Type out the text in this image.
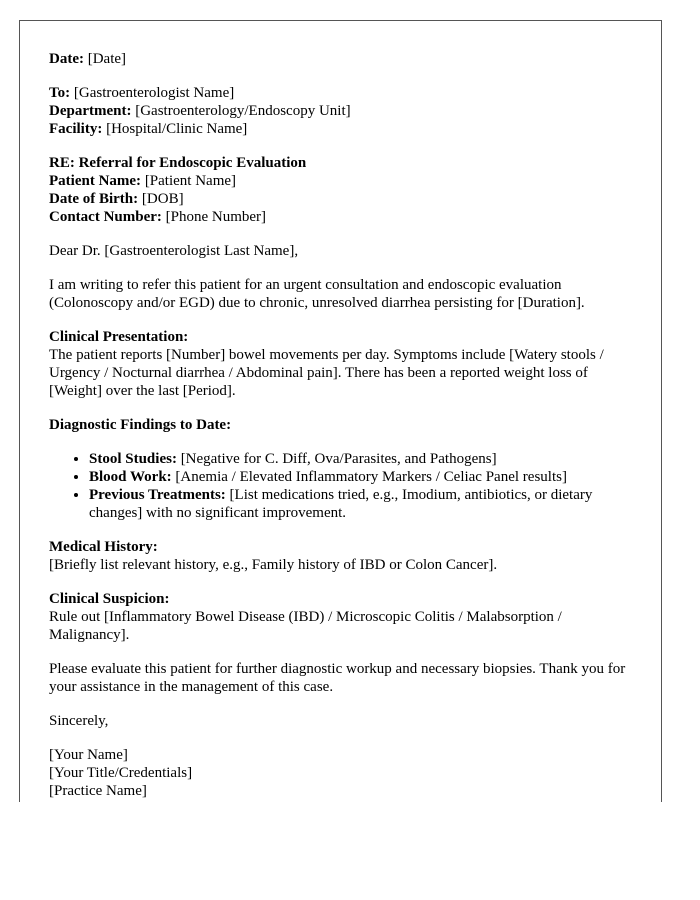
Date: [Date]

To: [Gastroenterologist Name]

Department: [Gastroenterology/Endoscopy Unit]

Facility: [Hospital/Clinic Name]

RE: Referral for Endoscopic Evaluation

Patient Name: [Patient Name]

Date of Birth: [DOB]

Contact Number: [Phone Number]

Dear Dr. [Gastroenterologist Last Name],

I am writing to refer this patient for an urgent consultation and endoscopic evaluation (Colonoscopy and/or EGD) due to chronic, unresolved diarrhea persisting for [Duration].

Clinical Presentation:

The patient reports [Number] bowel movements per day. Symptoms include [Watery stools / Urgency / Nocturnal diarrhea / Abdominal pain]. There has been a reported weight loss of [Weight] over the last [Period].

Diagnostic Findings to Date:

• Stool Studies: [Negative for C. Diff, Ova/Parasites, and Pathogens]
• Blood Work: [Anemia / Elevated Inflammatory Markers / Celiac Panel results]
• Previous Treatments: [List medications tried, e.g., Imodium, antibiotics, or dietary changes] with no significant improvement.

Medical History:

[Briefly list relevant history, e.g., Family history of IBD or Colon Cancer].

Clinical Suspicion:

Rule out [Inflammatory Bowel Disease (IBD) / Microscopic Colitis / Malabsorption / Malignancy].

Please evaluate this patient for further diagnostic workup and necessary biopsies. Thank you for your assistance in the management of this case.

Sincerely,

[Your Name]

[Your Title/Credentials]

[Practice Name]
